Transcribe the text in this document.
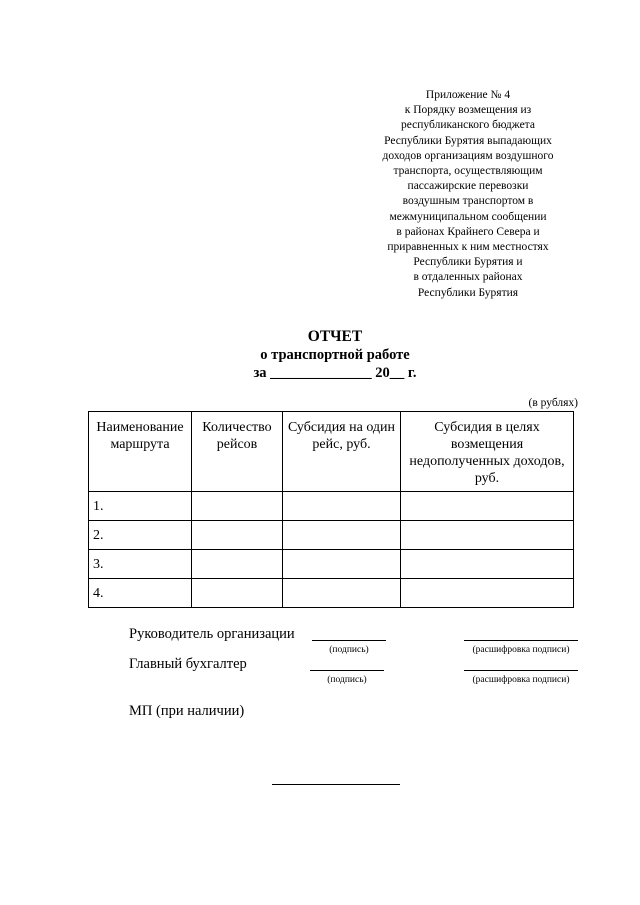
Приложение № 4
к Порядку возмещения из
республиканского бюджета
Республики Бурятия выпадающих
доходов организациям воздушного
транспорта, осуществляющим
пассажирские перевозки
воздушным транспортом в
межмуниципальном сообщении
в районах Крайнего Севера и
приравненных к ним местностях
Республики Бурятия и
в отдаленных районах
Республики Бурятия
ОТЧЕТ
о транспортной работе
за ______________ 20__ г.
(в рублях)
Наименование маршрута	Количество рейсов	Субсидия на один рейс, руб.	Субсидия в целях возмещения недополученных доходов, руб.
1.			
2.			
3.			
4.			
Руководитель организации
(подпись)	(расшифровка подписи)
Главный бухгалтер
(подпись)	(расшифровка подписи)
МП (при наличии)
